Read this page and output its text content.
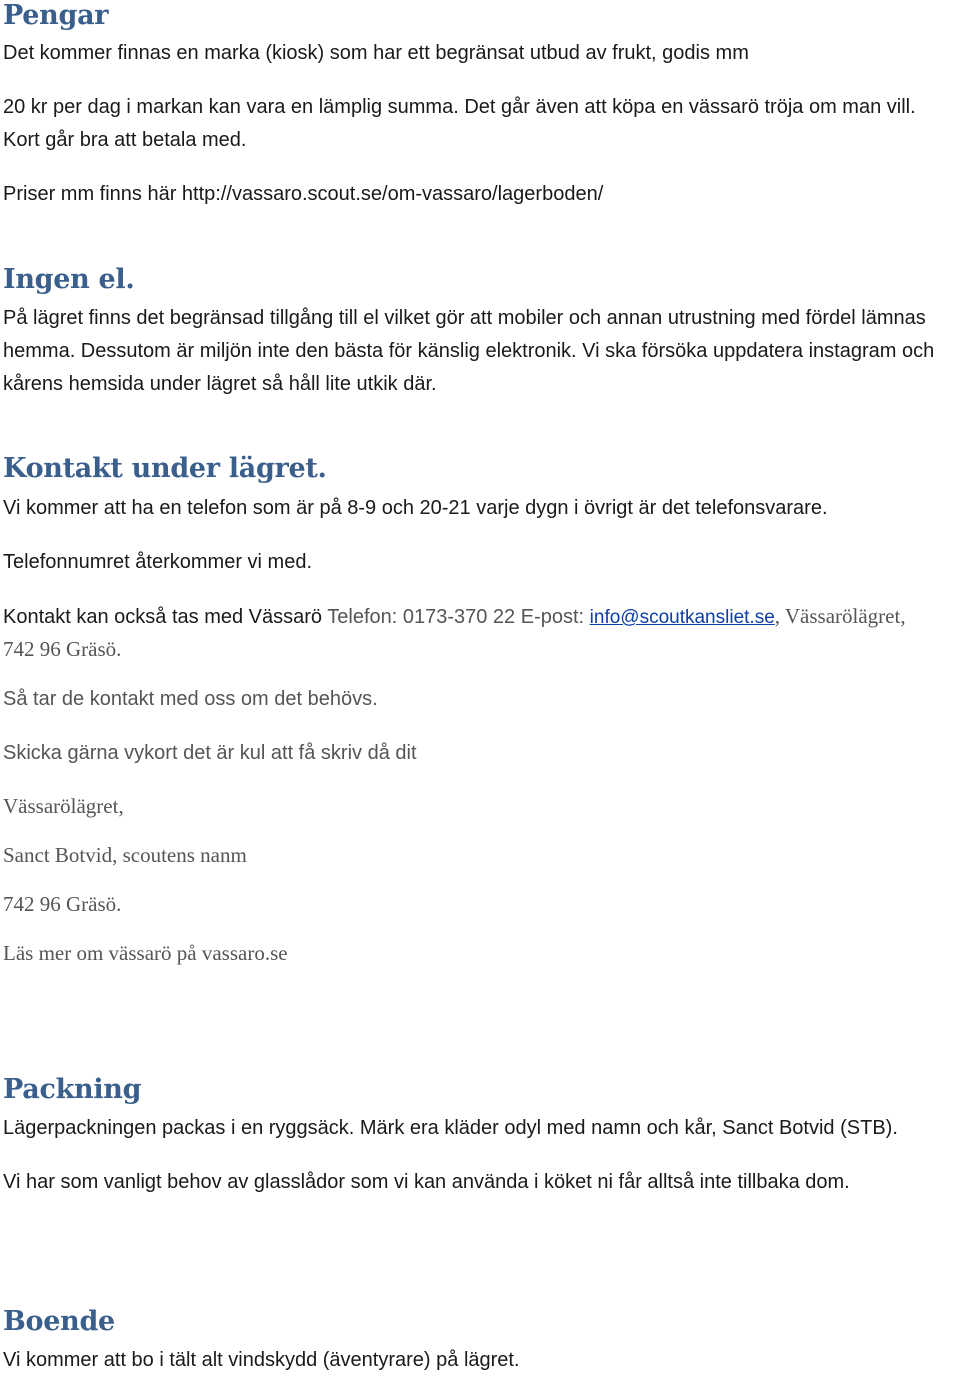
Pengar
Det kommer finnas en marka (kiosk) som har ett begränsat utbud av frukt, godis mm
20 kr per dag i markan kan vara en lämplig summa. Det går även att köpa en vässarö tröja om man vill. Kort går bra att betala med.
Priser mm finns här http://vassaro.scout.se/om-vassaro/lagerboden/
Ingen el.
På lägret finns det begränsad tillgång till el vilket gör att mobiler och annan utrustning med fördel lämnas hemma. Dessutom är miljön inte den bästa för känslig elektronik. Vi ska försöka uppdatera instagram och kårens hemsida under lägret så håll lite utkik där.
Kontakt under lägret.
Vi kommer att ha en telefon som är på 8-9 och 20-21 varje dygn i övrigt är det telefonsvarare.
Telefonnumret återkommer vi med.
Kontakt kan också tas med Vässarö Telefon: 0173-370 22 E-post: info@scoutkansliet.se, Vässarölägret,
742 96 Gräsö.
Så tar de kontakt med oss om det behövs.
Skicka gärna vykort det är kul att få skriv då dit
Vässarölägret,
Sanct Botvid, scoutens nanm
742 96 Gräsö.
Läs mer om vässarö på vassaro.se
Packning
Lägerpackningen packas i en ryggsäck. Märk era kläder odyl med namn och kår, Sanct Botvid (STB).
Vi har som vanligt behov av glasslådor som vi kan använda i köket ni får alltså inte tillbaka dom.
Boende
Vi kommer att bo i tält alt vindskydd (äventyrare) på lägret.
